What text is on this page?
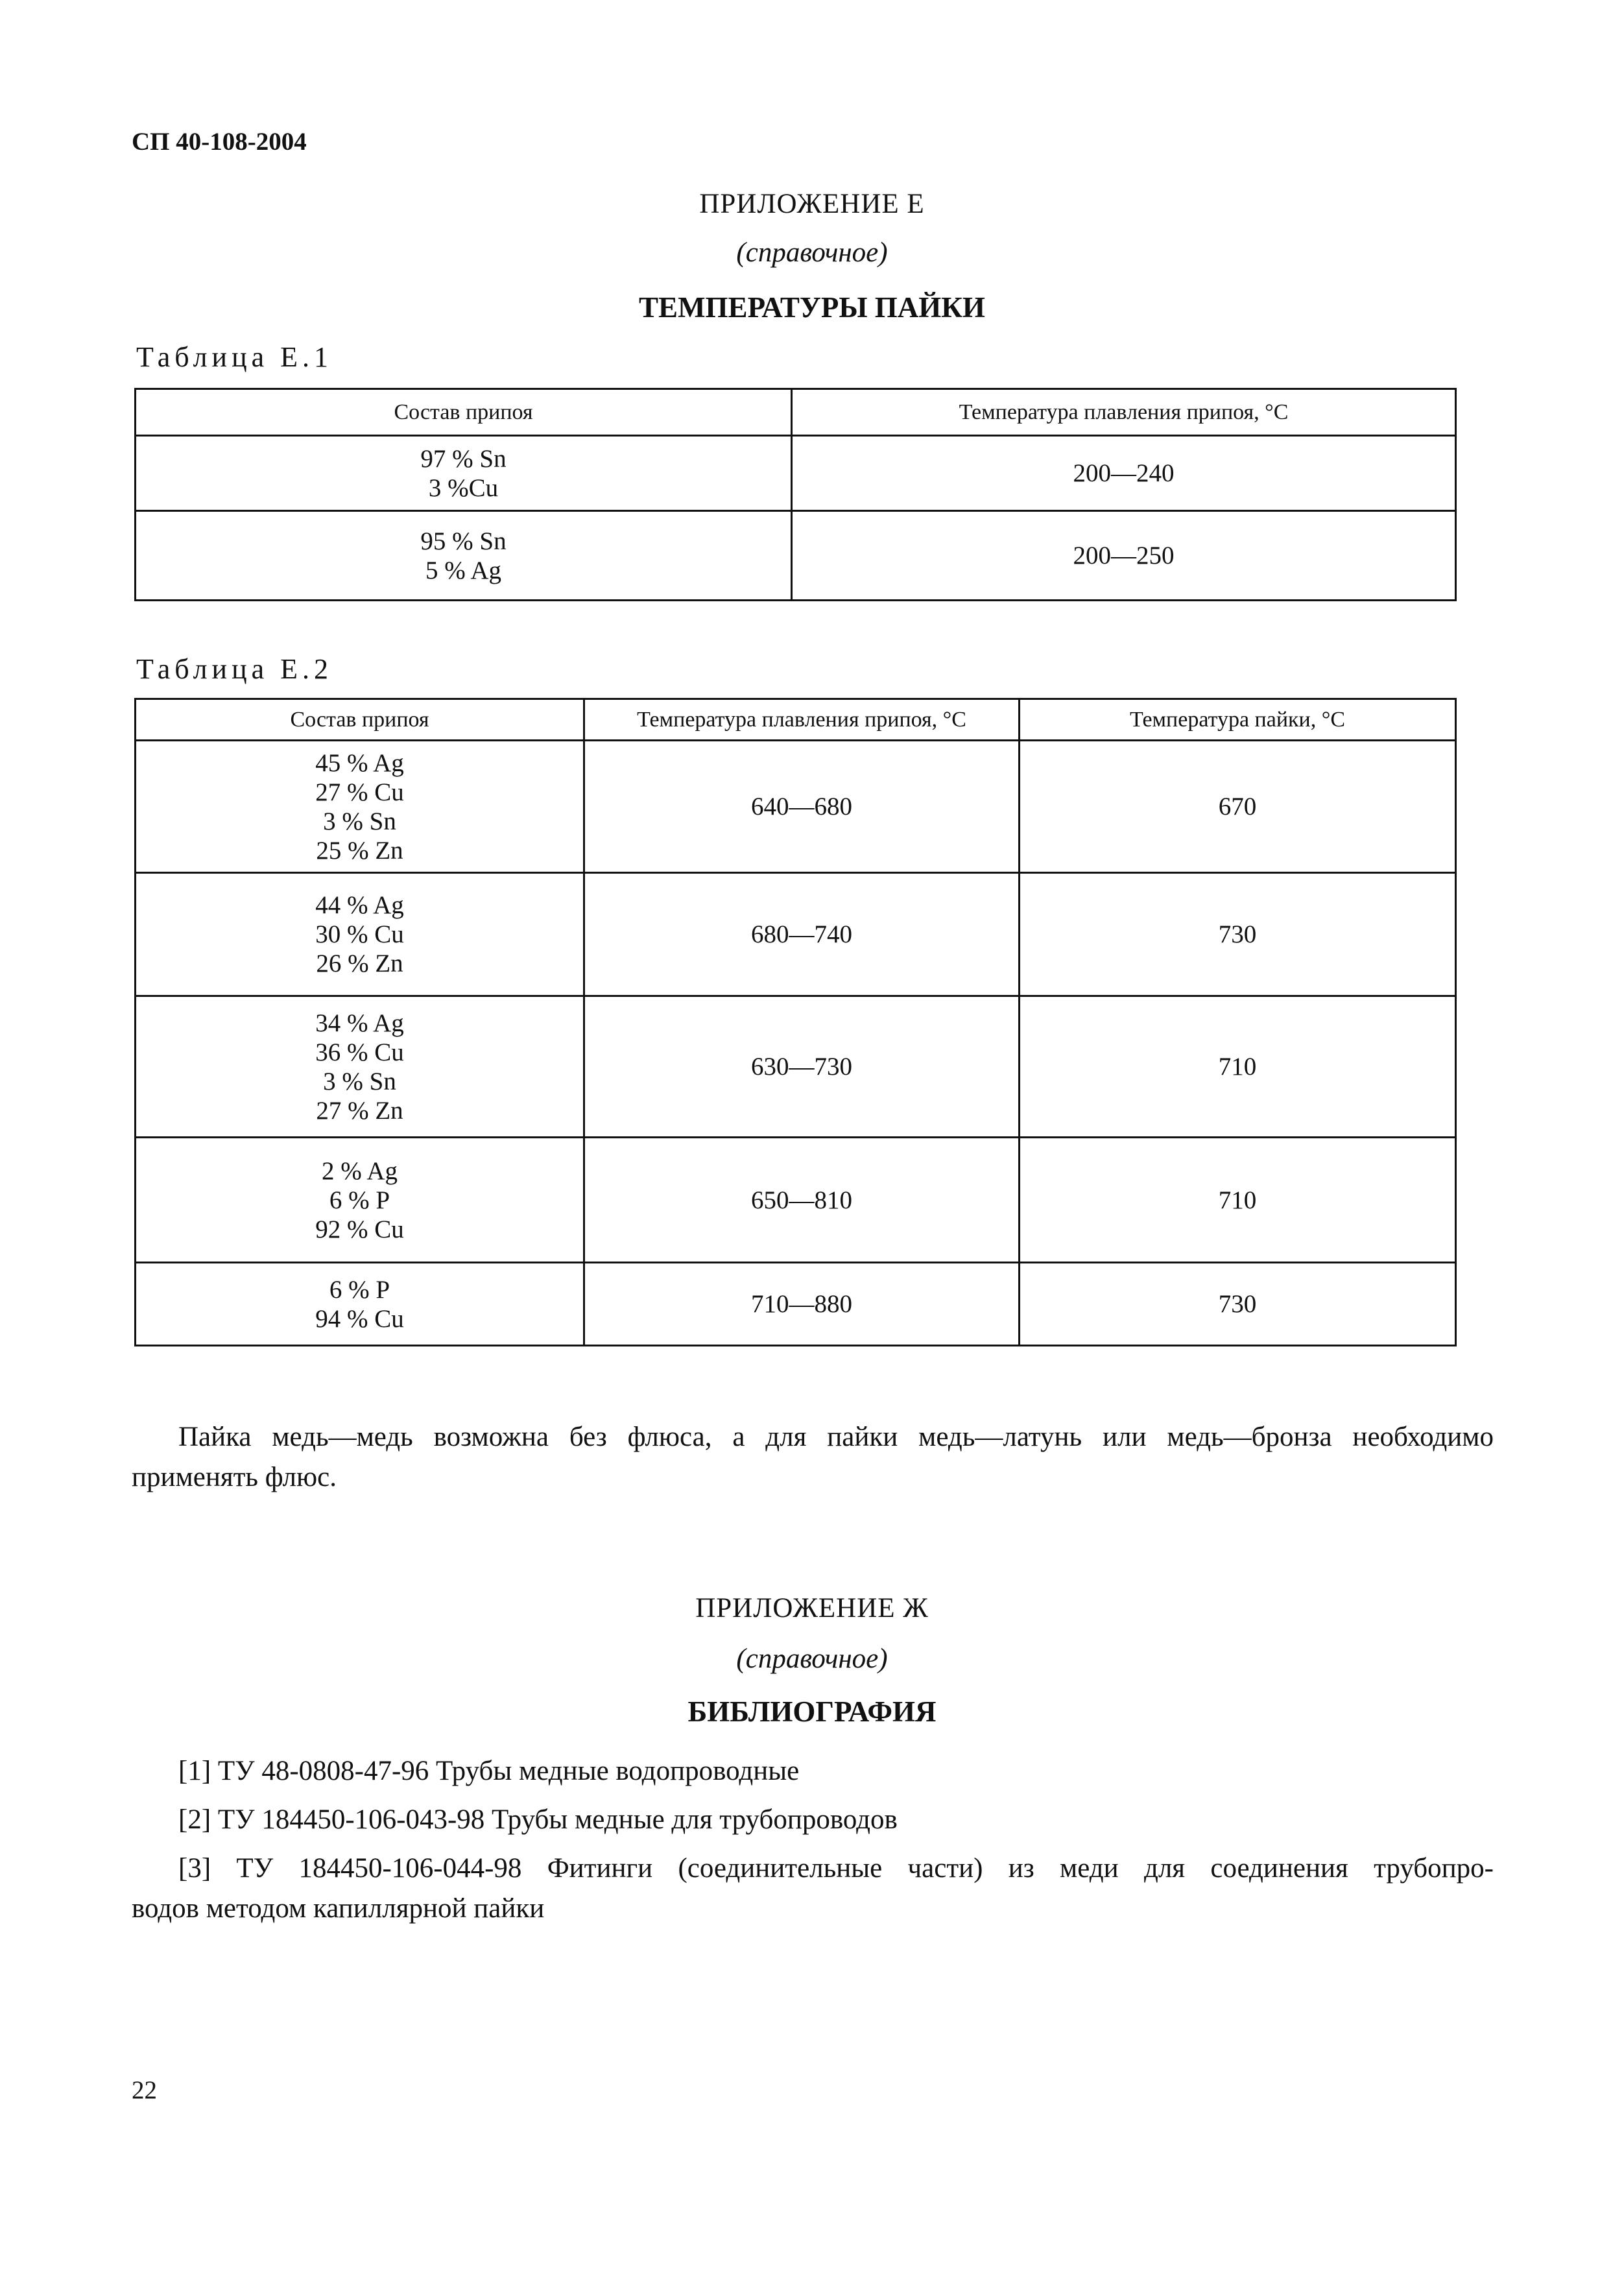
СП 40-108-2004
ПРИЛОЖЕНИЕ Е
(справочное)
ТЕМПЕРАТУРЫ ПАЙКИ
Таблица Е.1
Состав припоя	Температура плавления припоя, °С

97 % Sn
3 %Cu	200—240

95 % Sn
5 % Ag	200—250
Таблица Е.2
Состав припоя	Температура плавления припоя, °С	Температура пайки, °С

45 % Ag
27 % Cu
3 % Sn
25 % Zn	640—680	670

44 % Ag
30 % Cu
26 % Zn	680—740	730

34 % Ag
36 % Cu
3 % Sn
27 % Zn	630—730	710

2 % Ag
6 % P
92 % Cu	650—810	710

6 % P
94 % Cu	710—880	730
Пайка медь—медь возможна без флюса, а для пайки медь—латунь или медь—бронза необходимо
применять флюс.
ПРИЛОЖЕНИЕ Ж
(справочное)
БИБЛИОГРАФИЯ
[1] ТУ 48-0808-47-96 Трубы медные водопроводные
[2] ТУ 184450-106-043-98 Трубы медные для трубопроводов
[3] ТУ 184450-106-044-98 Фитинги (соединительные части) из меди для соединения трубопро-
водов методом капиллярной пайки
22
